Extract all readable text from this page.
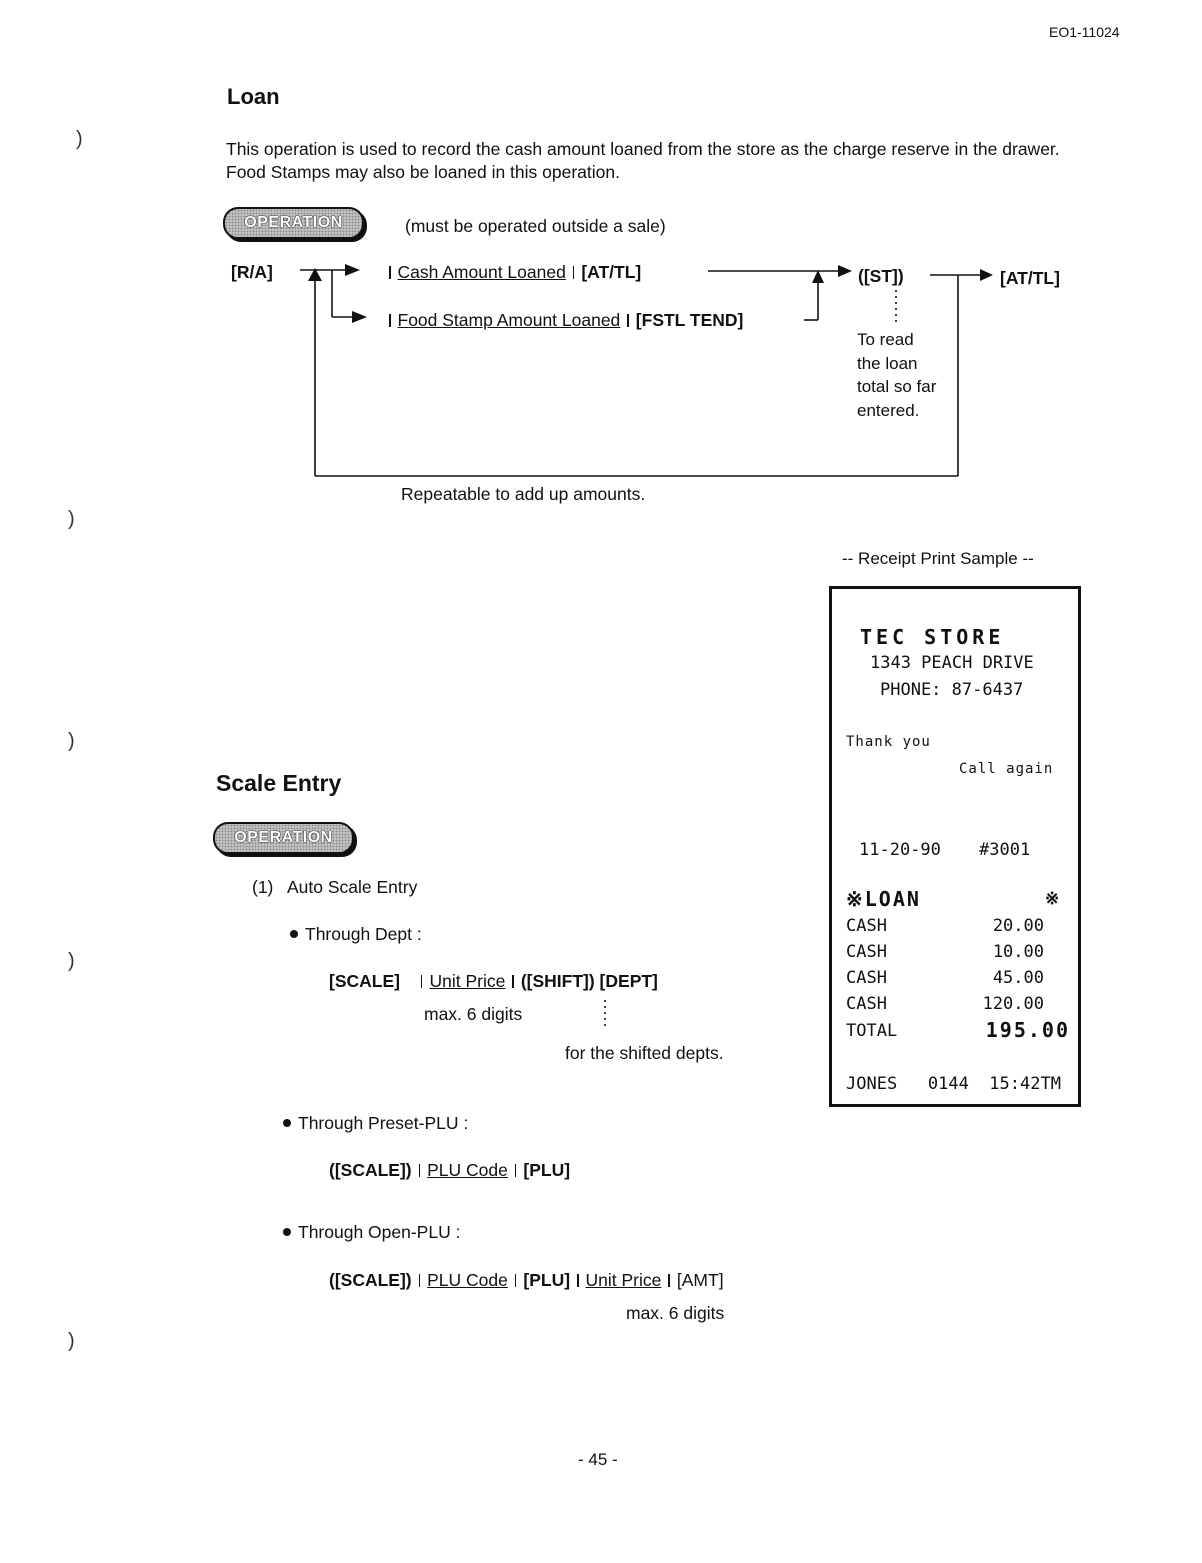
EO1-11024
)
)
)
)
)
Loan
This operation is used to record the cash amount loaned from the store as the charge reserve in the drawer. Food Stamps may also be loaned in this operation.
OPERATION	(must be operated outside a sale)
[R/A]	Cash Amount Loaned [AT/TL]
Food Stamp Amount Loaned [FSTL TEND]
([ST])	[AT/TL]
To read
the loan
total so far
entered.
Repeatable to add up amounts.
-- Receipt Print Sample --
TEC STORE
1343 PEACH DRIVE
PHONE: 87-6437
Thank you
Call again
11-20-90 #3001
※LOAN	※
CASH	20.00
CASH	10.00
CASH	45.00
CASH	120.00
TOTAL	195.00
JONES   0144  15:42TM
Scale Entry
OPERATION
(1)   Auto Scale Entry
Through Dept :
[SCALE] Unit Price ([SHIFT]) [DEPT]
max. 6 digits
for the shifted depts.
Through Preset-PLU :
([SCALE]) PLU Code [PLU]
Through Open-PLU :
([SCALE]) PLU Code [PLU] Unit Price [AMT]
max. 6 digits
- 45 -
